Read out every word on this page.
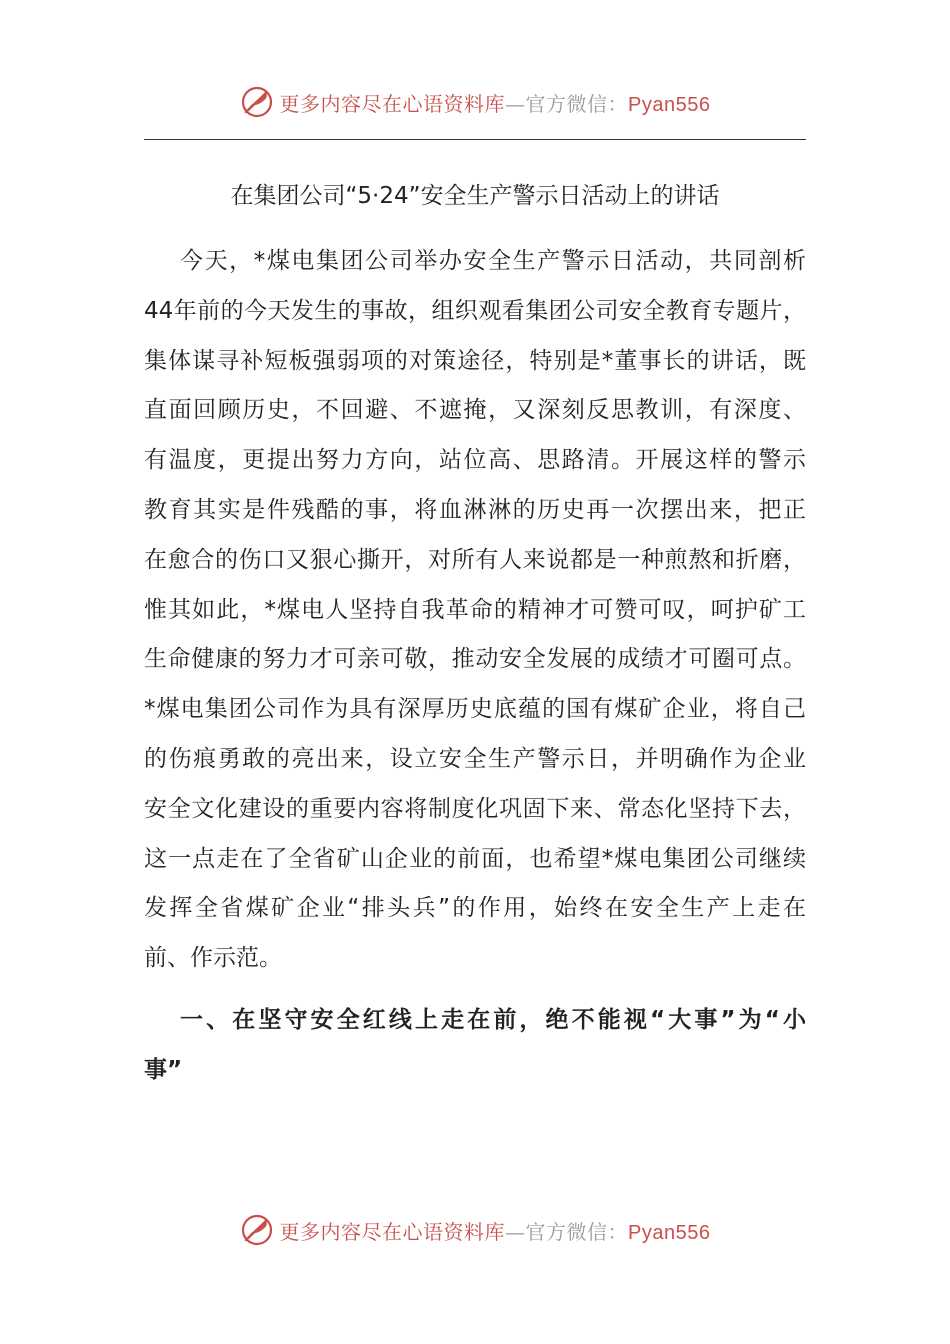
更多内容尽在心语资料库—官方微信：Pyan556
在集团公司“5·24”安全生产警示日活动上的讲话
今天，*煤电集团公司举办安全生产警示日活动，共同剖析
44年前的今天发生的事故，组织观看集团公司安全教育专题片，
集体谋寻补短板强弱项的对策途径，特别是*董事长的讲话，既
直面回顾历史，不回避、不遮掩，又深刻反思教训，有深度、
有温度，更提出努力方向，站位高、思路清。开展这样的警示
教育其实是件残酷的事，将血淋淋的历史再一次摆出来，把正
在愈合的伤口又狠心撕开，对所有人来说都是一种煎熬和折磨，
惟其如此，*煤电人坚持自我革命的精神才可赞可叹，呵护矿工
生命健康的努力才可亲可敬，推动安全发展的成绩才可圈可点。
*煤电集团公司作为具有深厚历史底蕴的国有煤矿企业，将自己
的伤痕勇敢的亮出来，设立安全生产警示日，并明确作为企业
安全文化建设的重要内容将制度化巩固下来、常态化坚持下去，
这一点走在了全省矿山企业的前面，也希望*煤电集团公司继续
发挥全省煤矿企业“排头兵”的作用，始终在安全生产上走在
前、作示范。
一、在坚守安全红线上走在前，绝不能视“大事”为“小
事”
更多内容尽在心语资料库—官方微信：Pyan556
